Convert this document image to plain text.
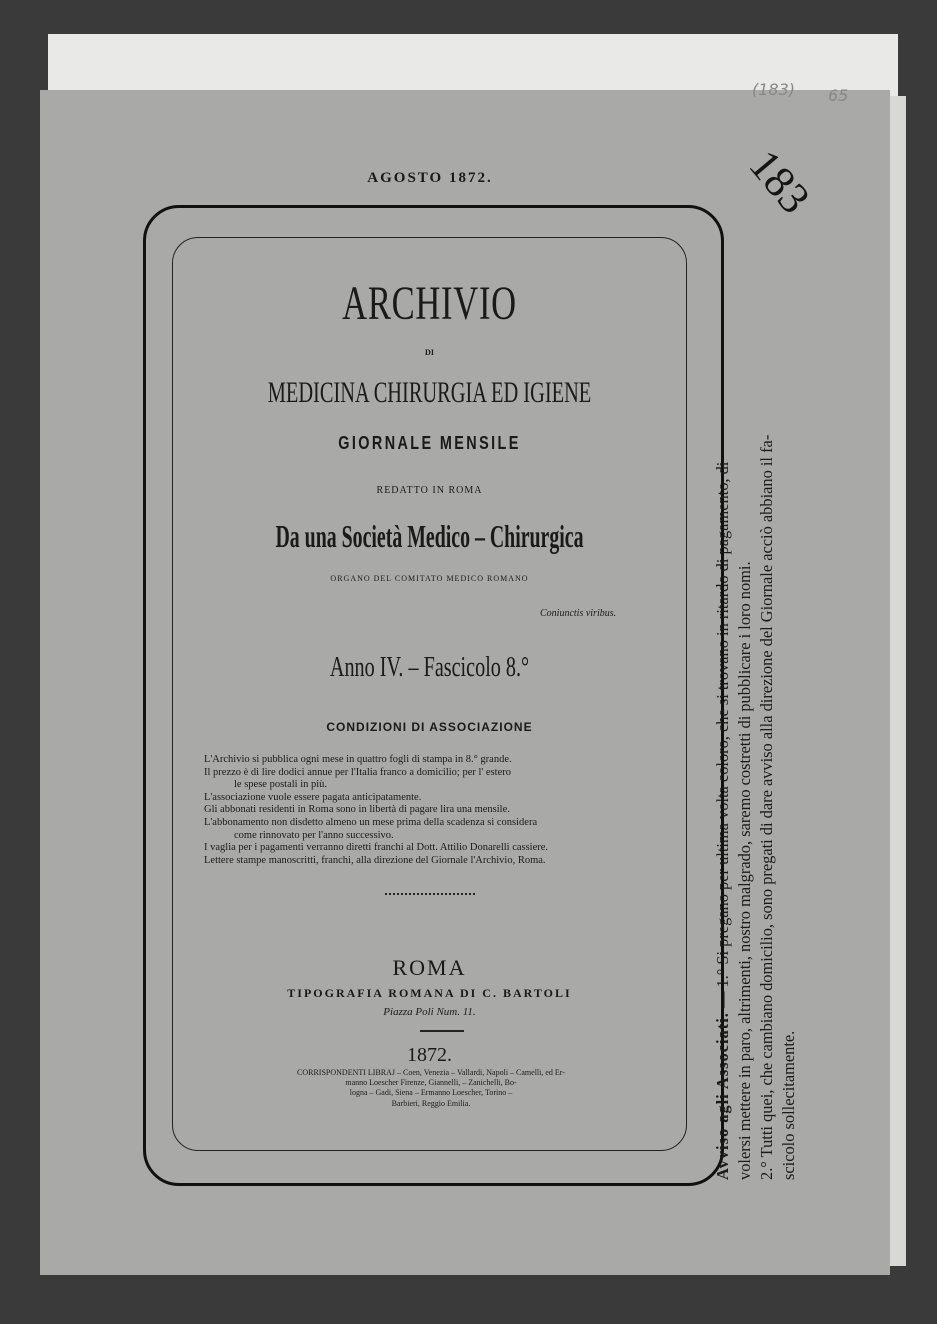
(183) 65
183
AGOSTO 1872.
ARCHIVIO
DI
MEDICINA CHIRURGIA ED IGIENE
GIORNALE MENSILE
REDATTO IN ROMA
Da una Società Medico – Chirurgica
ORGANO DEL COMITATO MEDICO ROMANO
Coniunctis viribus.
Anno IV. – Fascicolo 8.°
CONDIZIONI DI ASSOCIAZIONE

L'Archivio si pubblica ogni mese in quattro fogli di stampa in 8.° grande.

Il prezzo è di lire dodici annue per l'Italia franco a domicilio; per l' estero

le spese postali in più.

L'associazione vuole essere pagata anticipatamente.

Gli abbonati residenti in Roma sono in libertà di pagare lira una mensile.

L'abbonamento non disdetto almeno un mese prima della scadenza si considera

come rinnovato per l'anno successivo.

I vaglia per i pagamenti verranno diretti franchi al Dott. Attilio Donarelli cassiere.

Lettere stampe manoscritti, franchi, alla direzione del Giornale l'Archivio, Roma.

ROMA
TIPOGRAFIA ROMANA DI C. BARTOLI
Piazza Poli Num. 11.
1872.

CORRISPONDENTI LIBRAJ – Coen, Venezia – Vallardi, Napoli – Camelli, ed Er-

manno Loescher Firenze, Giannelli, – Zanichelli, Bo-

logna – Gadi, Siena – Ermanno Loescher, Torino –

Barbieri, Reggio Emilia.	Avviso agli Associati. — 1.° Si pregano per ultima volta coloro, che si trovano in ritardo di pagamento, di volersi mettere in paro, altrimenti, nostro malgrado, saremo costretti di pubblicare i loro nomi. 2.° Tutti quei, che cambiano domicilio, sono pregati di dare avviso alla direzione del Giornale acciò abbiano il fa- scicolo sollecitamente.
